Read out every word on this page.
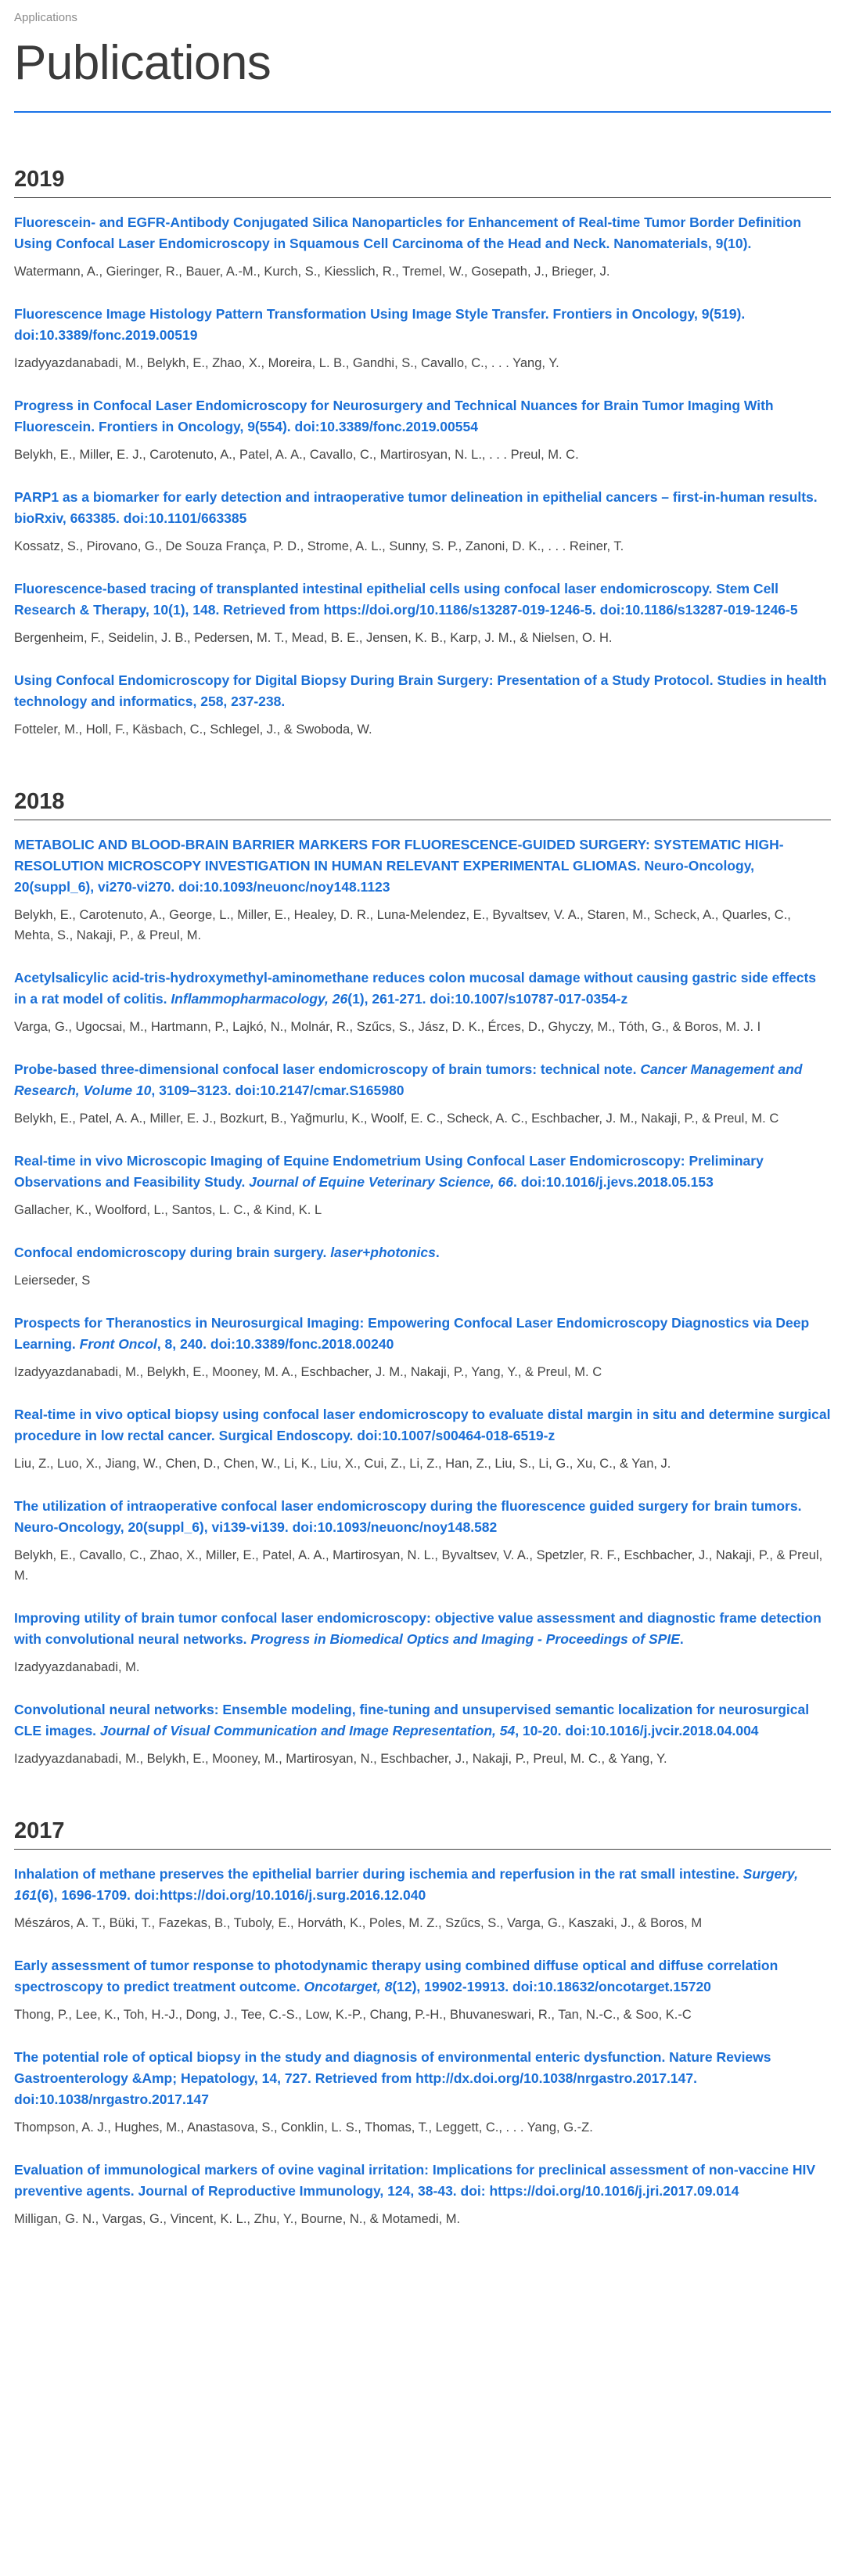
Applications

Publications
2019

Fluorescein- and EGFR-Antibody Conjugated Silica Nanoparticles for Enhancement of Real-time Tumor Border Definition Using Confocal Laser Endomicroscopy in Squamous Cell Carcinoma of the Head and Neck. Nanomaterials, 9(10).

Watermann, A., Gieringer, R., Bauer, A.-M., Kurch, S., Kiesslich, R., Tremel, W., Gosepath, J., Brieger, J.

Fluorescence Image Histology Pattern Transformation Using Image Style Transfer. Frontiers in Oncology, 9(519). doi:10.3389/fonc.2019.00519

Izadyyazdanabadi, M., Belykh, E., Zhao, X., Moreira, L. B., Gandhi, S., Cavallo, C., . . . Yang, Y.

Progress in Confocal Laser Endomicroscopy for Neurosurgery and Technical Nuances for Brain Tumor Imaging With Fluorescein. Frontiers in Oncology, 9(554). doi:10.3389/fonc.2019.00554

Belykh, E., Miller, E. J., Carotenuto, A., Patel, A. A., Cavallo, C., Martirosyan, N. L., . . . Preul, M. C.

PARP1 as a biomarker for early detection and intraoperative tumor delineation in epithelial cancers – first-in-human results. bioRxiv, 663385. doi:10.1101/663385

Kossatz, S., Pirovano, G., De Souza França, P. D., Strome, A. L., Sunny, S. P., Zanoni, D. K., . . . Reiner, T.

Fluorescence-based tracing of transplanted intestinal epithelial cells using confocal laser endomicroscopy. Stem Cell Research & Therapy, 10(1), 148. Retrieved from https://doi.org/10.1186/s13287-019-1246-5. doi:10.1186/s13287-019-1246-5

Bergenheim, F., Seidelin, J. B., Pedersen, M. T., Mead, B. E., Jensen, K. B., Karp, J. M., & Nielsen, O. H.

Using Confocal Endomicroscopy for Digital Biopsy During Brain Surgery: Presentation of a Study Protocol. Studies in health technology and informatics, 258, 237-238.

Fotteler, M., Holl, F., Käsbach, C., Schlegel, J., & Swoboda, W.

2018

METABOLIC AND BLOOD-BRAIN BARRIER MARKERS FOR FLUORESCENCE-GUIDED SURGERY: SYSTEMATIC HIGH-RESOLUTION MICROSCOPY INVESTIGATION IN HUMAN RELEVANT EXPERIMENTAL GLIOMAS. Neuro-Oncology, 20(suppl_6), vi270-vi270. doi:10.1093/neuonc/noy148.1123

Belykh, E., Carotenuto, A., George, L., Miller, E., Healey, D. R., Luna-Melendez, E., Byvaltsev, V. A., Staren, M., Scheck, A., Quarles, C., Mehta, S., Nakaji, P., & Preul, M.

Acetylsalicylic acid-tris-hydroxymethyl-aminomethane reduces colon mucosal damage without causing gastric side effects in a rat model of colitis. Inflammopharmacology, 26(1), 261-271. doi:10.1007/s10787-017-0354-z

Varga, G., Ugocsai, M., Hartmann, P., Lajkó, N., Molnár, R., Szűcs, S., Jász, D. K., Érces, D., Ghyczy, M., Tóth, G., & Boros, M. J. I

Probe-based three-dimensional confocal laser endomicroscopy of brain tumors: technical note. Cancer Management and Research, Volume 10, 3109–3123. doi:10.2147/cmar.S165980

Belykh, E., Patel, A. A., Miller, E. J., Bozkurt, B., Yağmurlu, K., Woolf, E. C., Scheck, A. C., Eschbacher, J. M., Nakaji, P., & Preul, M. C

Real-time in vivo Microscopic Imaging of Equine Endometrium Using Confocal Laser Endomicroscopy: Preliminary Observations and Feasibility Study. Journal of Equine Veterinary Science, 66. doi:10.1016/j.jevs.2018.05.153

Gallacher, K., Woolford, L., Santos, L. C., & Kind, K. L

Confocal endomicroscopy during brain surgery. laser+photonics.

Leierseder, S

Prospects for Theranostics in Neurosurgical Imaging: Empowering Confocal Laser Endomicroscopy Diagnostics via Deep Learning. Front Oncol, 8, 240. doi:10.3389/fonc.2018.00240

Izadyyazdanabadi, M., Belykh, E., Mooney, M. A., Eschbacher, J. M., Nakaji, P., Yang, Y., & Preul, M. C

Real-time in vivo optical biopsy using confocal laser endomicroscopy to evaluate distal margin in situ and determine surgical procedure in low rectal cancer. Surgical Endoscopy. doi:10.1007/s00464-018-6519-z

Liu, Z., Luo, X., Jiang, W., Chen, D., Chen, W., Li, K., Liu, X., Cui, Z., Li, Z., Han, Z., Liu, S., Li, G., Xu, C., & Yan, J.

The utilization of intraoperative confocal laser endomicroscopy during the fluorescence guided surgery for brain tumors. Neuro-Oncology, 20(suppl_6), vi139-vi139. doi:10.1093/neuonc/noy148.582

Belykh, E., Cavallo, C., Zhao, X., Miller, E., Patel, A. A., Martirosyan, N. L., Byvaltsev, V. A., Spetzler, R. F., Eschbacher, J., Nakaji, P., & Preul, M.

Improving utility of brain tumor confocal laser endomicroscopy: objective value assessment and diagnostic frame detection with convolutional neural networks. Progress in Biomedical Optics and Imaging - Proceedings of SPIE.

Izadyyazdanabadi, M.

Convolutional neural networks: Ensemble modeling, fine-tuning and unsupervised semantic localization for neurosurgical CLE images. Journal of Visual Communication and Image Representation, 54, 10-20. doi:10.1016/j.jvcir.2018.04.004

Izadyyazdanabadi, M., Belykh, E., Mooney, M., Martirosyan, N., Eschbacher, J., Nakaji, P., Preul, M. C., & Yang, Y.

2017

Inhalation of methane preserves the epithelial barrier during ischemia and reperfusion in the rat small intestine. Surgery, 161(6), 1696-1709. doi:https://doi.org/10.1016/j.surg.2016.12.040

Mészáros, A. T., Büki, T., Fazekas, B., Tuboly, E., Horváth, K., Poles, M. Z., Szűcs, S., Varga, G., Kaszaki, J., & Boros, M

Early assessment of tumor response to photodynamic therapy using combined diffuse optical and diffuse correlation spectroscopy to predict treatment outcome. Oncotarget, 8(12), 19902-19913. doi:10.18632/oncotarget.15720

Thong, P., Lee, K., Toh, H.-J., Dong, J., Tee, C.-S., Low, K.-P., Chang, P.-H., Bhuvaneswari, R., Tan, N.-C., & Soo, K.-C

The potential role of optical biopsy in the study and diagnosis of environmental enteric dysfunction. Nature Reviews Gastroenterology &Amp; Hepatology, 14, 727. Retrieved from http://dx.doi.org/10.1038/nrgastro.2017.147. doi:10.1038/nrgastro.2017.147

Thompson, A. J., Hughes, M., Anastasova, S., Conklin, L. S., Thomas, T., Leggett, C., . . . Yang, G.-Z.

Evaluation of immunological markers of ovine vaginal irritation: Implications for preclinical assessment of non-vaccine HIV preventive agents. Journal of Reproductive Immunology, 124, 38-43. doi: https://doi.org/10.1016/j.jri.2017.09.014

Milligan, G. N., Vargas, G., Vincent, K. L., Zhu, Y., Bourne, N., & Motamedi, M.
